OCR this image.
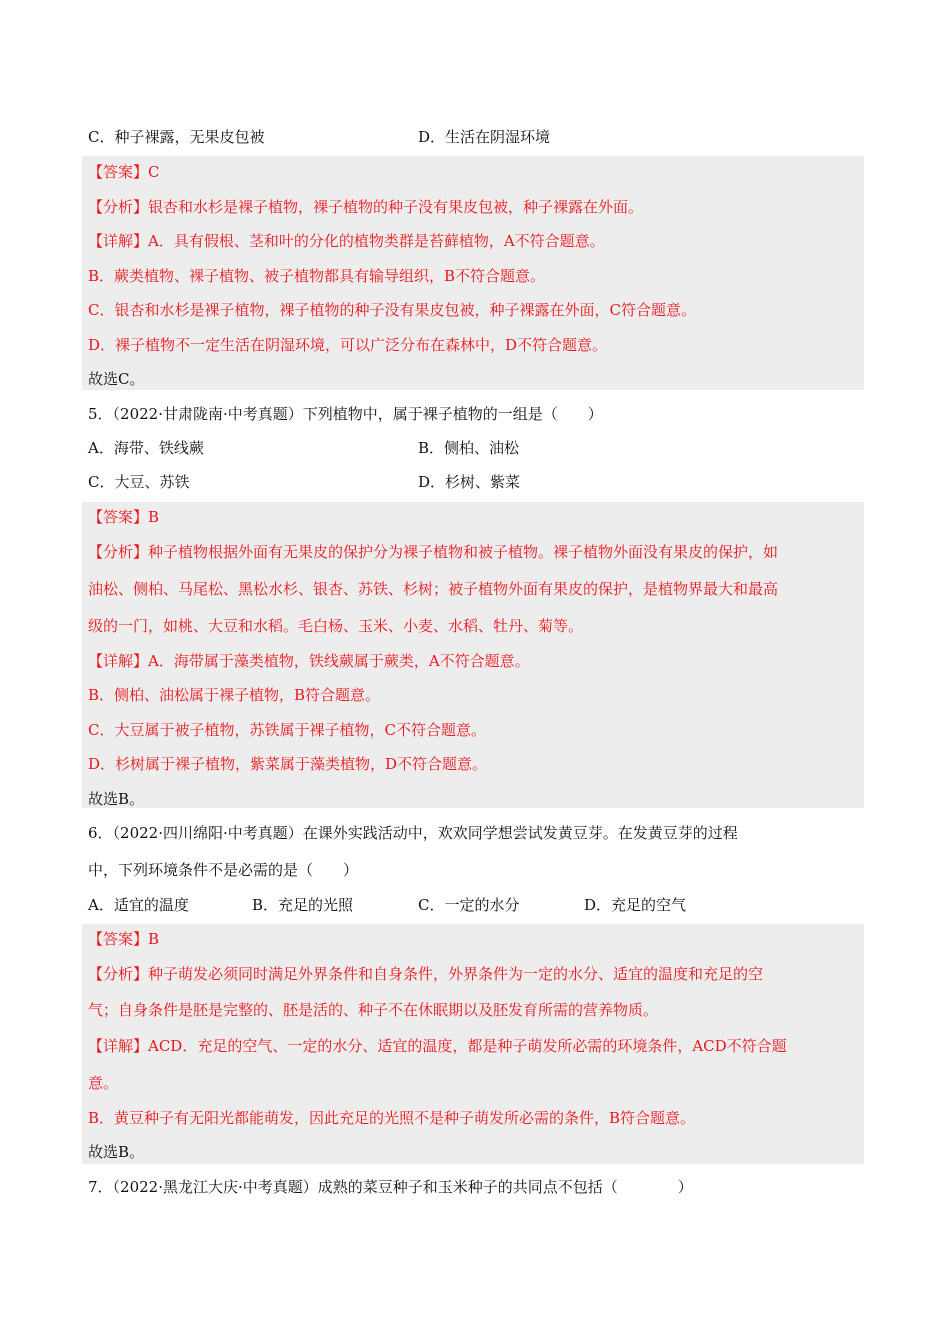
C．种子裸露，无果皮包被	D．生活在阴湿环境
【答案】C
【分析】银杏和水杉是裸子植物，裸子植物的种子没有果皮包被，种子裸露在外面。
【详解】A．具有假根、茎和叶的分化的植物类群是苔藓植物，A不符合题意。
B．蕨类植物、裸子植物、被子植物都具有输导组织，B不符合题意。
C．银杏和水杉是裸子植物，裸子植物的种子没有果皮包被，种子裸露在外面，C符合题意。
D．裸子植物不一定生活在阴湿环境，可以广泛分布在森林中，D不符合题意。
故选C。
5．（2022·甘肃陇南·中考真题）下列植物中，属于裸子植物的一组是（　　）
A．海带、铁线蕨	B．侧柏、油松
C．大豆、苏铁	D．杉树、紫菜
【答案】B
【分析】种子植物根据外面有无果皮的保护分为裸子植物和被子植物。裸子植物外面没有果皮的保护，如
油松、侧柏、马尾松、黑松水杉、银杏、苏铁、杉树；被子植物外面有果皮的保护，是植物界最大和最高
级的一门，如桃、大豆和水稻。毛白杨、玉米、小麦、水稻、牡丹、菊等。
【详解】A．海带属于藻类植物，铁线蕨属于蕨类，A不符合题意。
B．侧柏、油松属于裸子植物，B符合题意。
C．大豆属于被子植物，苏铁属于裸子植物，C不符合题意。
D．杉树属于裸子植物，紫菜属于藻类植物，D不符合题意。
故选B。
6．（2022·四川绵阳·中考真题）在课外实践活动中，欢欢同学想尝试发黄豆芽。在发黄豆芽的过程
中，下列环境条件不是必需的是（　　）
A．适宜的温度	B．充足的光照	C．一定的水分	D．充足的空气
【答案】B
【分析】种子萌发必须同时满足外界条件和自身条件，外界条件为一定的水分、适宜的温度和充足的空
气；自身条件是胚是完整的、胚是活的、种子不在休眠期以及胚发育所需的营养物质。
【详解】ACD．充足的空气、一定的水分、适宜的温度，都是种子萌发所必需的环境条件，ACD不符合题
意。
B．黄豆种子有无阳光都能萌发，因此充足的光照不是种子萌发所必需的条件，B符合题意。
故选B。
7．（2022·黑龙江大庆·中考真题）成熟的菜豆种子和玉米种子的共同点不包括（　　　　）
